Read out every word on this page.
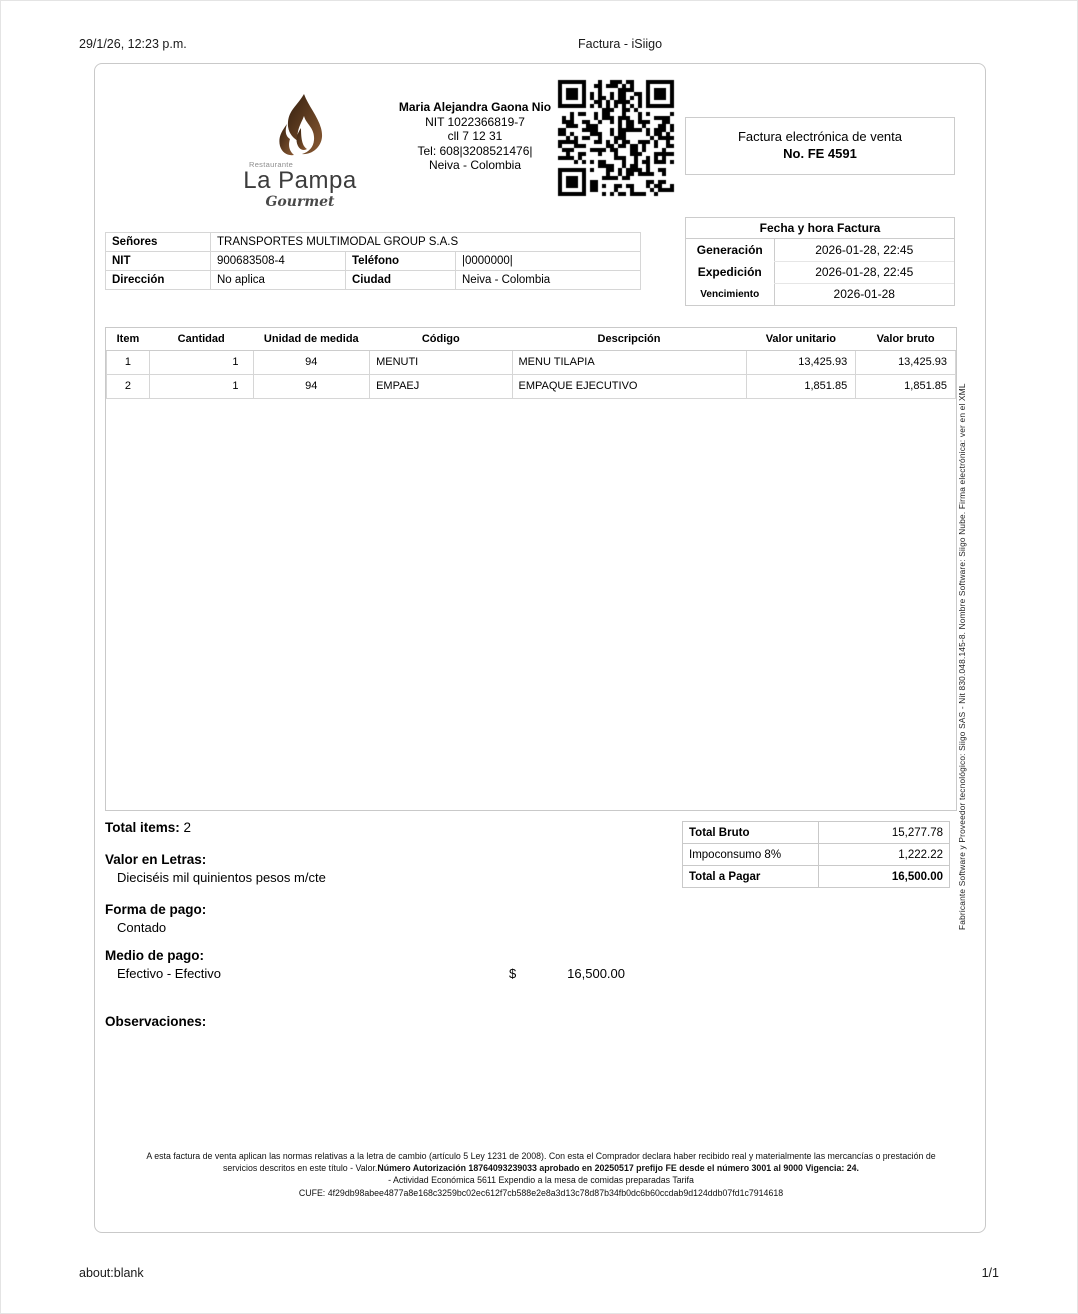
29/1/26, 12:23 p.m.	Factura - iSiigo
Restaurante
La Pampa
Gourmet
Maria Alejandra Gaona Nio
NIT 1022366819-7
cll 7 12 31
Tel: 608|3208521476|
Neiva - Colombia
Factura electrónica de venta
No. FE 4591
Señores	TRANSPORTES MULTIMODAL GROUP S.A.S		
NIT	900683508-4	Teléfono	|0000000|
Dirección	No aplica	Ciudad	Neiva - Colombia
Fecha y hora Factura
Generación	2026-01-28, 22:45
Expedición	2026-01-28, 22:45
Vencimiento	2026-01-28
Item	Cantidad	Unidad de medida	Código	Descripción	Valor unitario	Valor bruto
1	1	94	MENUTI	MENU TILAPIA	13,425.93	13,425.93
2	1	94	EMPAEJ	EMPAQUE EJECUTIVO	1,851.85	1,851.85 Fabricante Software y Proveedor tecnológico: Siigo SAS - Nit 830.048.145-8. Nombre Software: Siigo Nube. Firma electrónica: ver en el XML
Total items: 2
Valor en Letras:
Dieciséis mil quinientos pesos m/cte
Total Bruto	15,277.78
Impoconsumo 8%	1,222.22
Total a Pagar	16,500.00
Forma de pago:
Contado
Medio de pago:
Efectivo - Efectivo	$	16,500.00
Observaciones:
A esta factura de venta aplican las normas relativas a la letra de cambio (artículo 5 Ley 1231 de 2008). Con esta el Comprador declara haber recibido real y materialmente las mercancías o prestación de servicios descritos en este título - Valor.Número Autorización 18764093239033 aprobado en 20250517 prefijo FE desde el número 3001 al 9000 Vigencia: 24.
- Actividad Económica 5611 Expendio a la mesa de comidas preparadas Tarifa
CUFE: 4f29db98abee4877a8e168c3259bc02ec612f7cb588e2e8a3d13c78d87b34fb0dc6b60ccdab9d124ddb07fd1c7914618
about:blank	1/1
